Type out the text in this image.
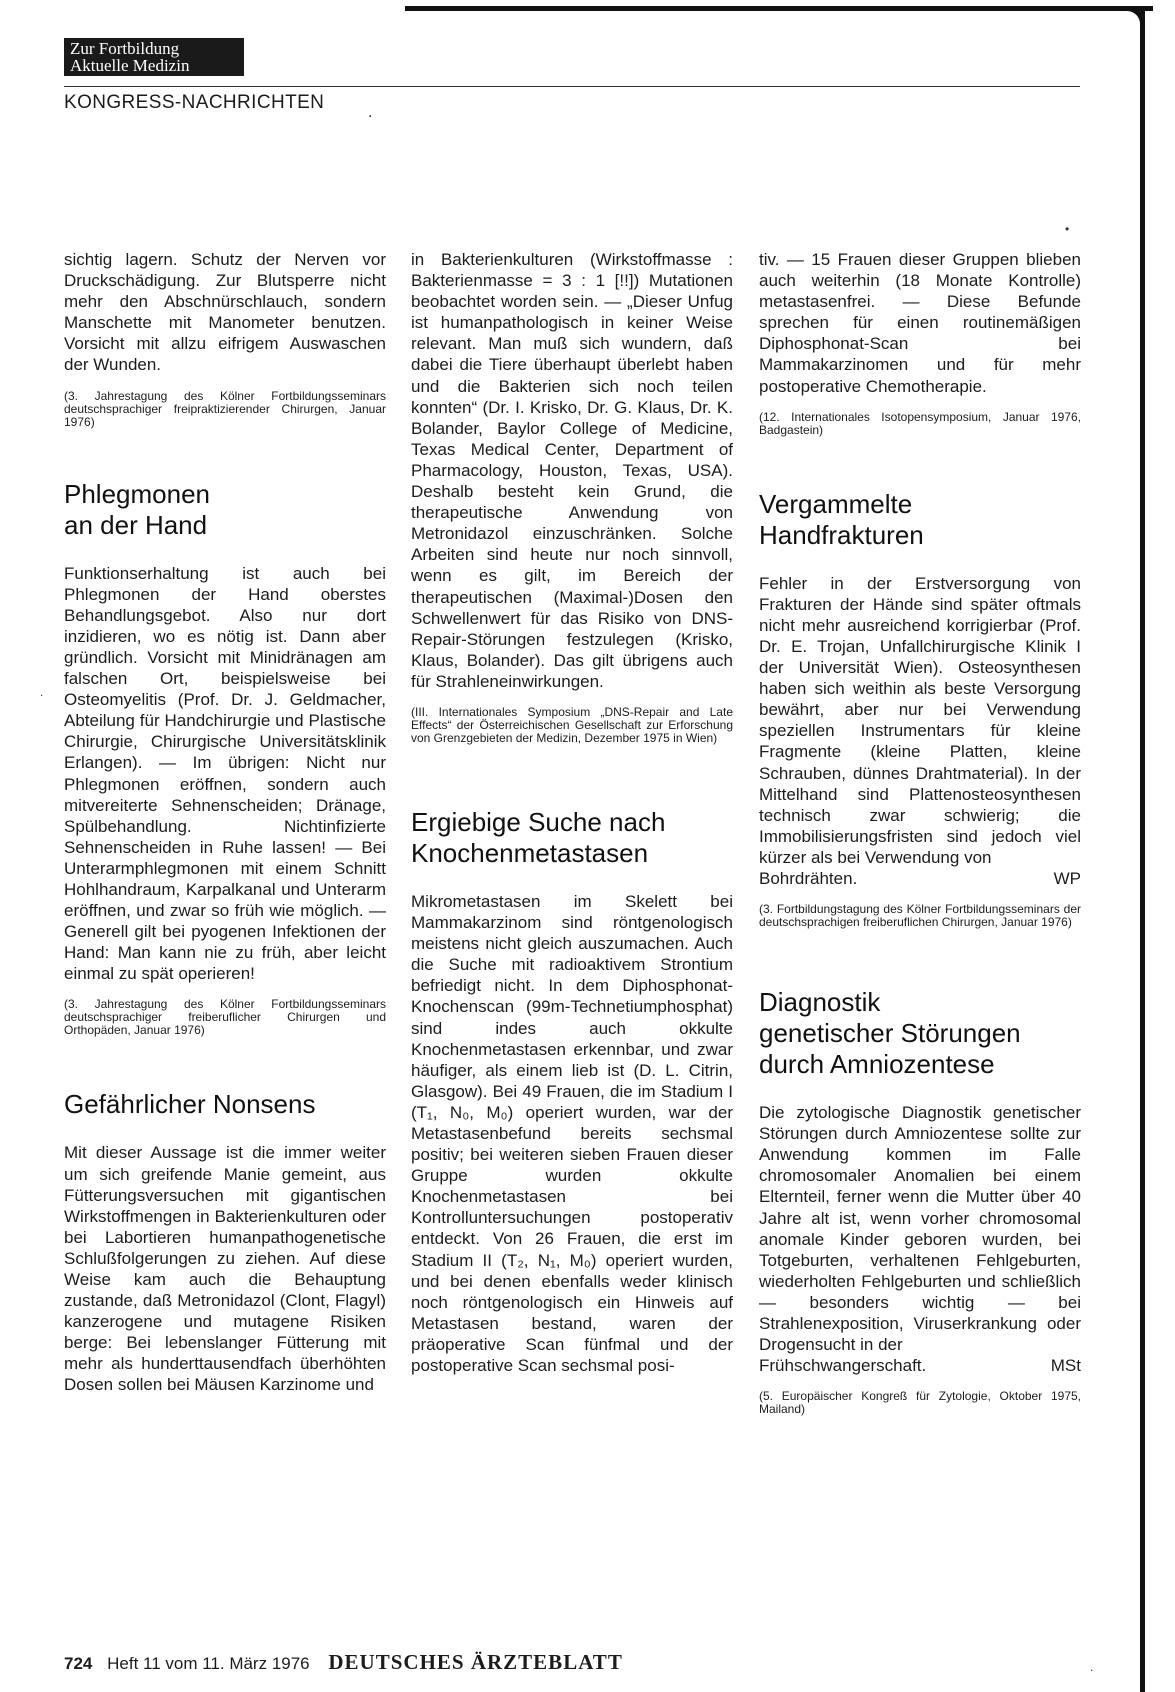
Zur Fortbildung
Aktuelle Medizin
KONGRESS-NACHRICHTEN	.

sichtig lagern. Schutz der Nerven vor Druckschädigung. Zur Blutsperre nicht mehr den Abschnürschlauch, sondern Manschette mit Manometer benutzen. Vorsicht mit allzu eifrigem Auswaschen der Wunden.

(3. Jahrestagung des Kölner Fortbildungsseminars deutschsprachiger freipraktizierender Chirurgen, Januar 1976)

Phlegmonen
an der Hand

Funktionserhaltung ist auch bei Phlegmonen der Hand oberstes Behandlungsgebot. Also nur dort inzidieren, wo es nötig ist. Dann aber gründlich. Vorsicht mit Minidränagen am falschen Ort, beispielsweise bei Osteomyelitis (Prof. Dr. J. Geldmacher, Abteilung für Handchirurgie und Plastische Chirurgie, Chirurgische Universitätsklinik Erlangen). — Im übrigen: Nicht nur Phlegmonen eröffnen, sondern auch mitvereiterte Sehnenscheiden; Dränage, Spülbehandlung. Nichtinfizierte Sehnenscheiden in Ruhe lassen! — Bei Unterarmphlegmonen mit einem Schnitt Hohlhandraum, Karpalkanal und Unterarm eröffnen, und zwar so früh wie möglich. — Generell gilt bei pyogenen Infektionen der Hand: Man kann nie zu früh, aber leicht einmal zu spät operieren!

(3. Jahrestagung des Kölner Fortbildungsseminars deutschsprachiger freiberuflicher Chirurgen und Orthopäden, Januar 1976)

Gefährlicher Nonsens

Mit dieser Aussage ist die immer weiter um sich greifende Manie gemeint, aus Fütterungsversuchen mit gigantischen Wirkstoffmengen in Bakterienkulturen oder bei Labortieren humanpathogenetische Schlußfolgerungen zu ziehen. Auf diese Weise kam auch die Behauptung zustande, daß Metronidazol (Clont, Flagyl) kanzerogene und mutagene Risiken berge: Bei lebenslanger Fütterung mit mehr als hunderttausendfach überhöhten Dosen sollen bei Mäusen Karzinome und

in Bakterienkulturen (Wirkstoffmasse : Bakterienmasse = 3 : 1 [!!]) Mutationen beobachtet worden sein. — „Dieser Unfug ist humanpathologisch in keiner Weise relevant. Man muß sich wundern, daß dabei die Tiere überhaupt überlebt haben und die Bakterien sich noch teilen konnten“ (Dr. I. Krisko, Dr. G. Klaus, Dr. K. Bolander, Baylor College of Medicine, Texas Medical Center, Department of Pharmacology, Houston, Texas, USA). Deshalb besteht kein Grund, die therapeutische Anwendung von Metronidazol einzuschränken. Solche Arbeiten sind heute nur noch sinnvoll, wenn es gilt, im Bereich der therapeutischen (Maximal-)Dosen den Schwellenwert für das Risiko von DNS-Repair-Störungen festzulegen (Krisko, Klaus, Bolander). Das gilt übrigens auch für Strahleneinwirkungen.

(III. Internationales Symposium „DNS-Repair and Late Effects“ der Österreichischen Gesellschaft zur Erforschung von Grenzgebieten der Medizin, Dezember 1975 in Wien)

Ergiebige Suche nach
Knochenmetastasen

Mikrometastasen im Skelett bei Mammakarzinom sind röntgenologisch meistens nicht gleich auszumachen. Auch die Suche mit radioaktivem Strontium befriedigt nicht. In dem Diphosphonat-Knochenscan (99m-Technetiumphosphat) sind indes auch okkulte Knochenmetastasen erkennbar, und zwar häufiger, als einem lieb ist (D. L. Citrin, Glasgow). Bei 49 Frauen, die im Stadium I (T₁, N₀, M₀) operiert wurden, war der Metastasenbefund bereits sechsmal positiv; bei weiteren sieben Frauen dieser Gruppe wurden okkulte Knochenmetastasen bei Kontrolluntersuchungen postoperativ entdeckt. Von 26 Frauen, die erst im Stadium II (T₂, N₁, M₀) operiert wurden, und bei denen ebenfalls weder klinisch noch röntgenologisch ein Hinweis auf Metastasen bestand, waren der präoperative Scan fünfmal und der postoperative Scan sechsmal posi-

tiv. — 15 Frauen dieser Gruppen blieben auch weiterhin (18 Monate Kontrolle) metastasenfrei. — Diese Befunde sprechen für einen routinemäßigen Diphosphonat-Scan bei Mammakarzinomen und für mehr postoperative Chemotherapie.

(12. Internationales Isotopensymposium, Januar 1976, Badgastein)

Vergammelte
Handfrakturen

Fehler in der Erstversorgung von Frakturen der Hände sind später oftmals nicht mehr ausreichend korrigierbar (Prof. Dr. E. Trojan, Unfallchirurgische Klinik I der Universität Wien). Osteosynthesen haben sich weithin als beste Versorgung bewährt, aber nur bei Verwendung speziellen Instrumentars für kleine Fragmente (kleine Platten, kleine Schrauben, dünnes Drahtmaterial). In der Mittelhand sind Plattenosteosynthesen technisch zwar schwierig; die Immobilisierungsfristen sind jedoch viel kürzer als bei Verwendung von

Bohrdrähten.	WP

(3. Fortbildungstagung des Kölner Fortbildungsseminars der deutschsprachigen freiberuflichen Chirurgen, Januar 1976)

Diagnostik
genetischer Störungen
durch Amniozentese

Die zytologische Diagnostik genetischer Störungen durch Amniozentese sollte zur Anwendung kommen im Falle chromosomaler Anomalien bei einem Elternteil, ferner wenn die Mutter über 40 Jahre alt ist, wenn vorher chromosomal anomale Kinder geboren wurden, bei Totgeburten, verhaltenen Fehlgeburten, wiederholten Fehlgeburten und schließlich — besonders wichtig — bei Strahlenexposition, Viruserkrankung oder Drogensucht in der

Frühschwangerschaft.	MSt

(5. Europäischer Kongreß für Zytologie, Oktober 1975, Mailand)

724 Heft 11 vom 11. März 1976 DEUTSCHES ÄRZTEBLATT
•
.
.
